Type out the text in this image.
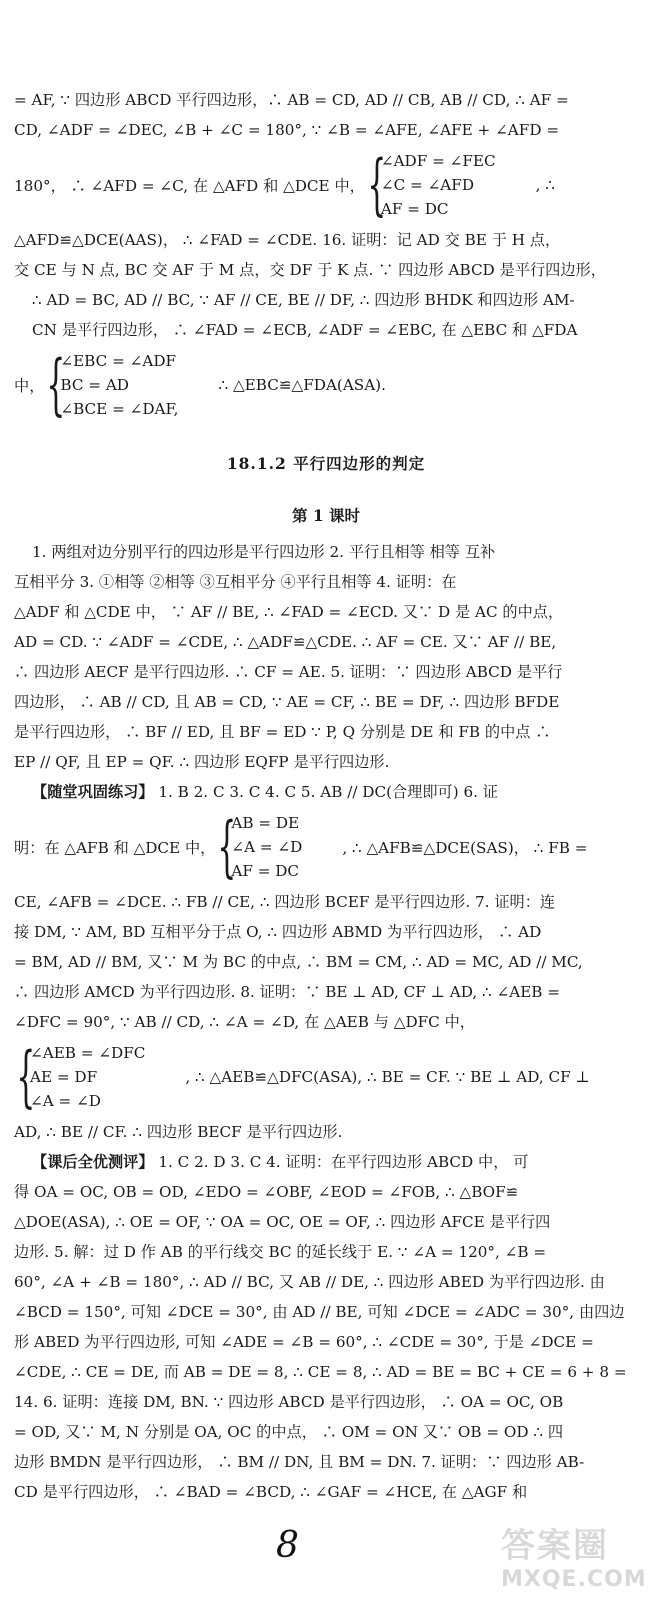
= AF, ∵ 四边形 ABCD 平行四边形，∴ AB = CD, AD // CB, AB // CD, ∴ AF =
CD, ∠ADF = ∠DEC, ∠B + ∠C = 180°, ∵ ∠B = ∠AFE, ∠AFE + ∠AFD =
180°， ∴ ∠AFD = ∠C, 在 △AFD 和 △DCE 中， {
∠ADF = ∠FEC
∠C = ∠AFD
AF = DC
, ∴
△AFD≌△DCE(AAS)， ∴ ∠FAD = ∠CDE. 16. 证明：记 AD 交 BE 于 H 点，
交 CE 与 N 点, BC 交 AF 于 M 点，交 DF 于 K 点. ∵ 四边形 ABCD 是平行四边形，
∴ AD = BC, AD // BC, ∵ AF // CE, BE // DF, ∴ 四边形 BHDK 和四边形 AM-
CN 是平行四边形， ∴ ∠FAD = ∠ECB, ∠ADF = ∠EBC, 在 △EBC 和 △FDA
中， {
∠EBC = ∠ADF
BC = AD
∠BCE = ∠DAF,
∴ △EBC≌△FDA(ASA).
18.1.2 平行四边形的判定
第 1 课时
1. 两组对边分别平行的四边形是平行四边形 2. 平行且相等 相等 互补
互相平分 3. ①相等 ②相等 ③互相平分 ④平行且相等 4. 证明：在
△ADF 和 △CDE 中， ∵ AF // BE, ∴ ∠FAD = ∠ECD. 又∵ D 是 AC 的中点，
AD = CD. ∵ ∠ADF = ∠CDE, ∴ △ADF≌△CDE. ∴ AF = CE. 又∵ AF // BE,
∴ 四边形 AECF 是平行四边形. ∴ CF = AE. 5. 证明：∵ 四边形 ABCD 是平行
四边形， ∴ AB // CD, 且 AB = CD, ∵ AE = CF, ∴ BE = DF, ∴ 四边形 BFDE
是平行四边形， ∴ BF // ED, 且 BF = ED ∵ P, Q 分别是 DE 和 FB 的中点 ∴
EP // QF, 且 EP = QF. ∴ 四边形 EQFP 是平行四边形.
【随堂巩固练习】 1. B 2. C 3. C 4. C 5. AB // DC(合理即可) 6. 证
明：在 △AFB 和 △DCE 中， {
AB = DE
∠A = ∠D
AF = DC
, ∴ △AFB≌△DCE(SAS)， ∴ FB =
CE, ∠AFB = ∠DCE. ∴ FB // CE, ∴ 四边形 BCEF 是平行四边形. 7. 证明：连
接 DM, ∵ AM, BD 互相平分于点 O, ∴ 四边形 ABMD 为平行四边形， ∴ AD
= BM, AD // BM, 又∵ M 为 BC 的中点, ∴ BM = CM, ∴ AD = MC, AD // MC,
∴ 四边形 AMCD 为平行四边形. 8. 证明：∵ BE ⊥ AD, CF ⊥ AD, ∴ ∠AEB =
∠DFC = 90°, ∵ AB // CD, ∴ ∠A = ∠D, 在 △AEB 与 △DFC 中，
{
∠AEB = ∠DFC
AE = DF
∠A = ∠D
, ∴ △AEB≌△DFC(ASA), ∴ BE = CF. ∵ BE ⊥ AD, CF ⊥
AD, ∴ BE // CF. ∴ 四边形 BECF 是平行四边形.
【课后全优测评】 1. C 2. D 3. C 4. 证明：在平行四边形 ABCD 中， 可
得 OA = OC, OB = OD, ∠EDO = ∠OBF, ∠EOD = ∠FOB, ∴ △BOF≌
△DOE(ASA), ∴ OE = OF, ∵ OA = OC, OE = OF, ∴ 四边形 AFCE 是平行四
边形. 5. 解：过 D 作 AB 的平行线交 BC 的延长线于 E. ∵ ∠A = 120°, ∠B =
60°, ∠A + ∠B = 180°, ∴ AD // BC, 又 AB // DE, ∴ 四边形 ABED 为平行四边形. 由
∠BCD = 150°, 可知 ∠DCE = 30°, 由 AD // BE, 可知 ∠DCE = ∠ADC = 30°, 由四边
形 ABED 为平行四边形, 可知 ∠ADE = ∠B = 60°, ∴ ∠CDE = 30°, 于是 ∠DCE =
∠CDE, ∴ CE = DE, 而 AB = DE = 8, ∴ CE = 8, ∴ AD = BE = BC + CE = 6 + 8 =
14. 6. 证明：连接 DM, BN. ∵ 四边形 ABCD 是平行四边形， ∴ OA = OC, OB
= OD, 又∵ M, N 分别是 OA, OC 的中点， ∴ OM = ON 又∵ OB = OD ∴ 四
边形 BMDN 是平行四边形， ∴ BM // DN, 且 BM = DN. 7. 证明：∵ 四边形 AB-
CD 是平行四边形， ∴ ∠BAD = ∠BCD, ∴ ∠GAF = ∠HCE, 在 △AGF 和
8	答案圈
MXQE.COM
